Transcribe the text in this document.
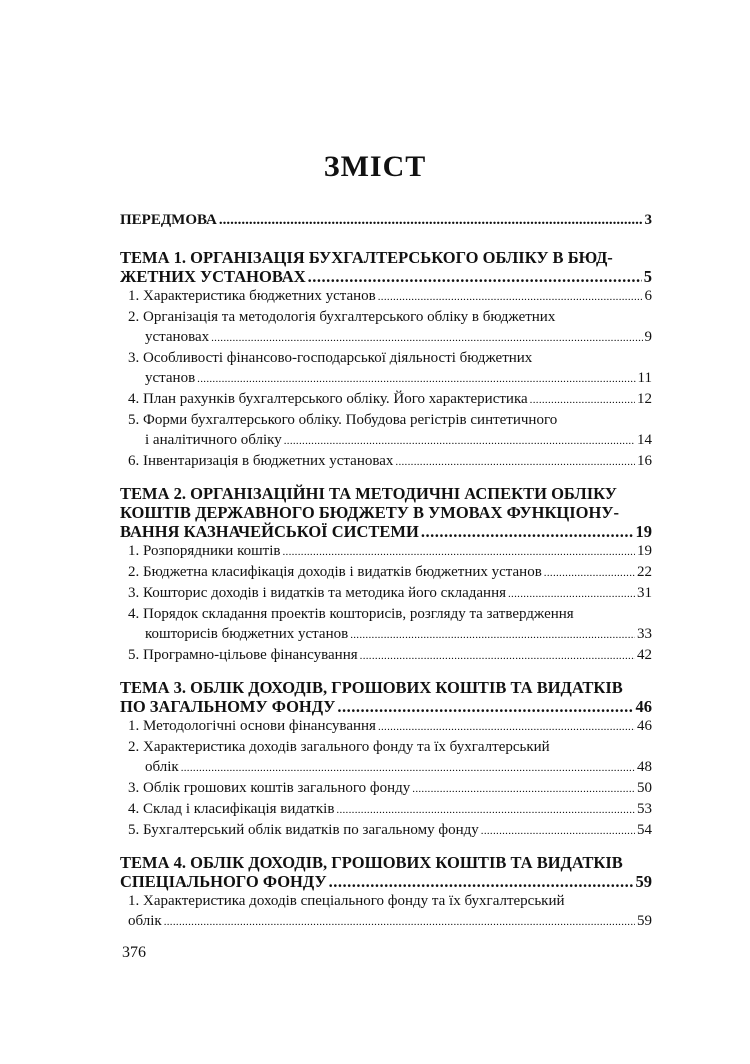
ЗМІСТ
ПЕРЕДМОВА .....	3
ТЕМА 1. ОРГАНІЗАЦІЯ БУХГАЛТЕРСЬКОГО ОБЛІКУ В БЮД-
ЖЕТНИХ УСТАНОВАХ .....	5
1. Характеристика бюджетних установ .....	6
2. Організація та методологія бухгалтерського обліку в бюджетних
установах .....	9
3. Особливості фінансово-господарської діяльності бюджетних
установ .....	11
4. План рахунків бухгалтерського обліку. Його характеристика .....	12
5. Форми бухгалтерського обліку. Побудова регістрів синтетичного
і аналітичного обліку .....	14
6. Інвентаризація в бюджетних установах .....	16
ТЕМА 2. ОРГАНІЗАЦІЙНІ ТА МЕТОДИЧНІ АСПЕКТИ ОБЛІКУ
КОШТІВ ДЕРЖАВНОГО БЮДЖЕТУ В УМОВАХ ФУНКЦІОНУ-
ВАННЯ КАЗНАЧЕЙСЬКОЇ СИСТЕМИ .....	19
1. Розпорядники коштів .....	19
2. Бюджетна класифікація доходів і видатків бюджетних установ .....	22
3. Кошторис доходів і видатків та методика його складання .....	31
4. Порядок складання проектів кошторисів, розгляду та затвердження
кошторисів бюджетних установ .....	33
5. Програмно-цільове фінансування .....	42
ТЕМА 3. ОБЛІК ДОХОДІВ, ГРОШОВИХ КОШТІВ ТА ВИДАТКІВ
ПО ЗАГАЛЬНОМУ ФОНДУ .....	46
1. Методологічні основи фінансування .....	46
2. Характеристика доходів загального фонду та їх бухгалтерський
облік .....	48
3. Облік грошових коштів загального фонду .....	50
4. Склад і класифікація видатків .....	53
5. Бухгалтерський облік видатків по загальному фонду .....	54
ТЕМА 4. ОБЛІК ДОХОДІВ, ГРОШОВИХ КОШТІВ ТА ВИДАТКІВ
СПЕЦІАЛЬНОГО ФОНДУ .....	59
1. Характеристика доходів спеціального фонду та їх бухгалтерський
облік .....	59
376
